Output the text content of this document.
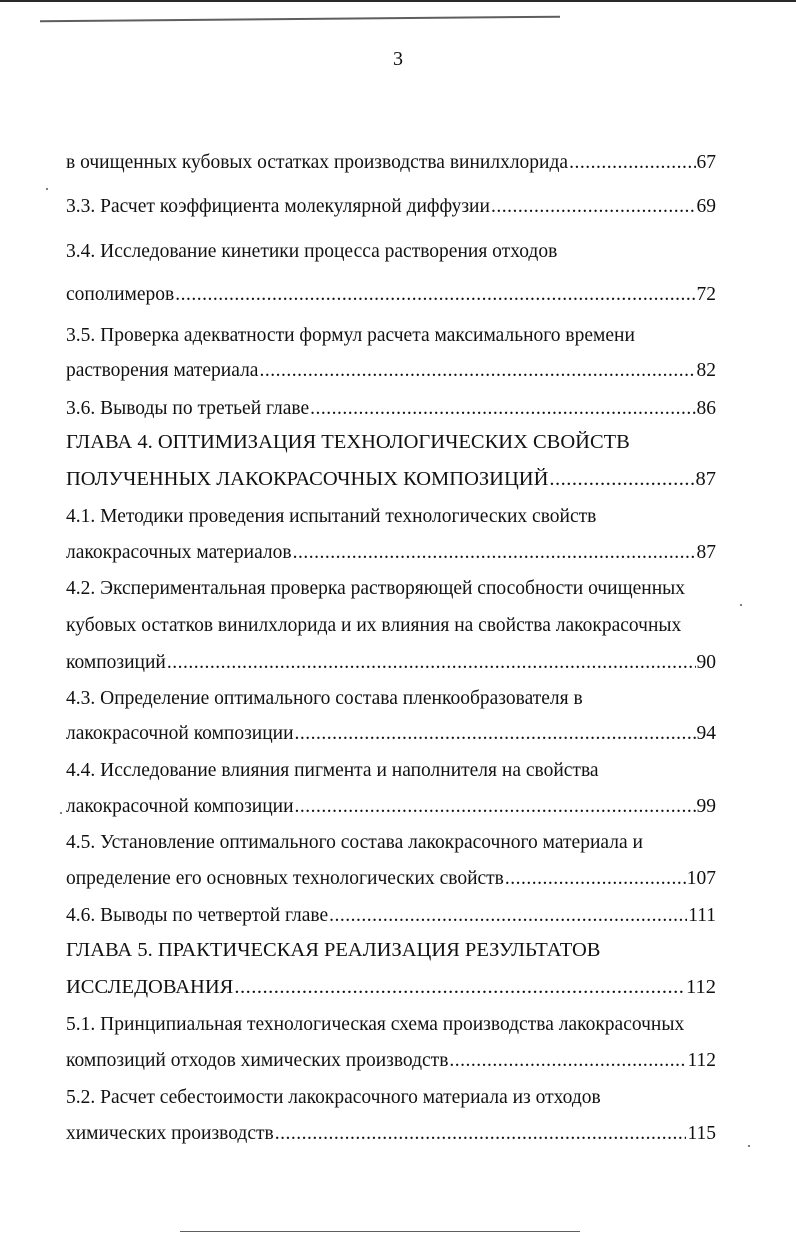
3
в очищенных кубовых остатках производства винилхлорида .....	67
3.3. Расчет коэффициента молекулярной диффузии .....	69
3.4. Исследование кинетики процесса растворения отходов
сополимеров .....	72
3.5. Проверка адекватности формул расчета максимального времени
растворения материала .....	82
3.6. Выводы по третьей главе .....	86
ГЛАВА 4. ОПТИМИЗАЦИЯ ТЕХНОЛОГИЧЕСКИХ СВОЙСТВ
ПОЛУЧЕННЫХ ЛАКОКРАСОЧНЫХ КОМПОЗИЦИЙ .....	87
4.1. Методики проведения испытаний технологических свойств
лакокрасочных материалов .....	87
4.2. Экспериментальная проверка растворяющей способности очищенных
кубовых остатков винилхлорида и их влияния на свойства лакокрасочных
композиций .....	90
4.3. Определение оптимального состава пленкообразователя в
лакокрасочной композиции .....	94
4.4. Исследование влияния пигмента и наполнителя на свойства
лакокрасочной композиции .....	99
4.5. Установление оптимального состава лакокрасочного материала и
определение его основных технологических свойств .....	107
4.6. Выводы по четвертой главе .....	111
ГЛАВА 5. ПРАКТИЧЕСКАЯ РЕАЛИЗАЦИЯ РЕЗУЛЬТАТОВ
ИССЛЕДОВАНИЯ .....	112
5.1. Принципиальная технологическая схема производства лакокрасочных
композиций отходов химических производств .....	112
5.2. Расчет себестоимости лакокрасочного материала из отходов
химических производств .....	115
